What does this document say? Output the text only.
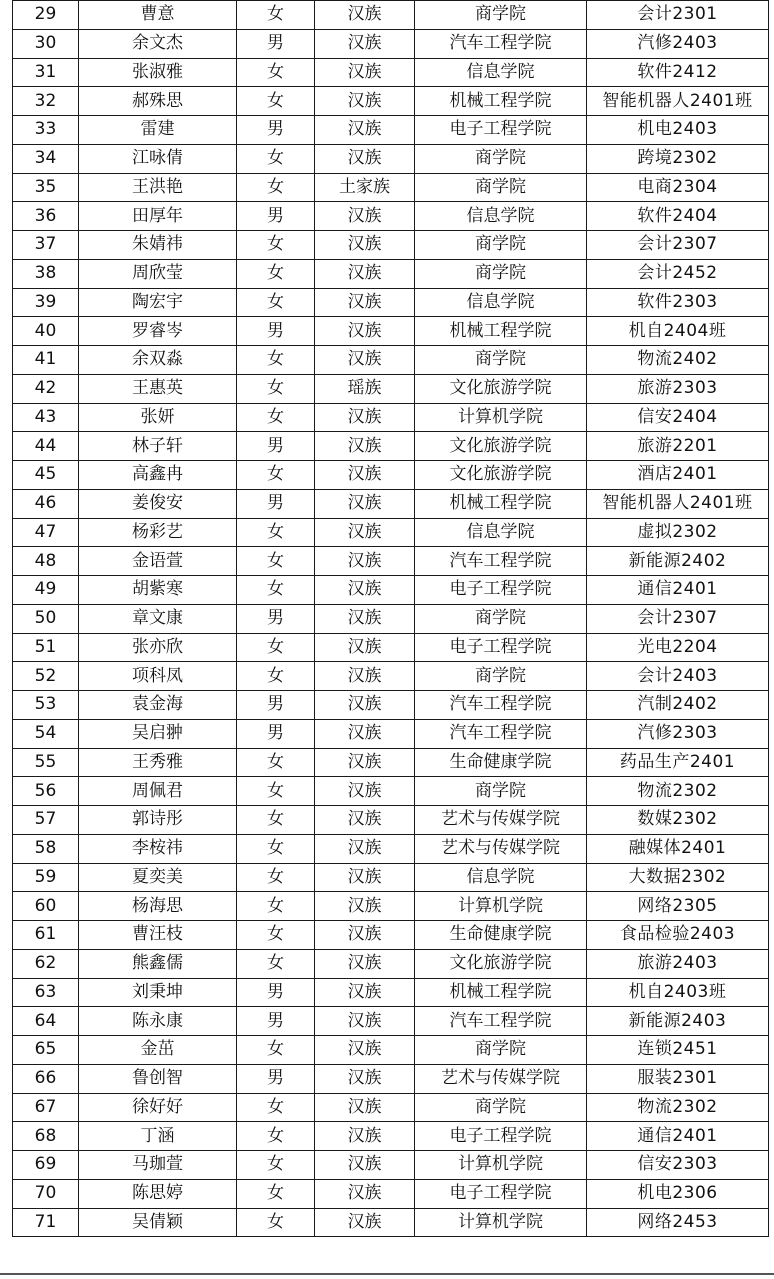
29	曹意	女	汉族	商学院	会计2301
30	余文杰	男	汉族	汽车工程学院	汽修2403
31	张淑雅	女	汉族	信息学院	软件2412
32	郝殊思	女	汉族	机械工程学院	智能机器人2401班
33	雷建	男	汉族	电子工程学院	机电2403
34	江咏倩	女	汉族	商学院	跨境2302
35	王洪艳	女	土家族	商学院	电商2304
36	田厚年	男	汉族	信息学院	软件2404
37	朱婧祎	女	汉族	商学院	会计2307
38	周欣莹	女	汉族	商学院	会计2452
39	陶宏宇	女	汉族	信息学院	软件2303
40	罗睿岑	男	汉族	机械工程学院	机自2404班
41	余双淼	女	汉族	商学院	物流2402
42	王惠英	女	瑶族	文化旅游学院	旅游2303
43	张妍	女	汉族	计算机学院	信安2404
44	林子轩	男	汉族	文化旅游学院	旅游2201
45	高鑫冉	女	汉族	文化旅游学院	酒店2401
46	姜俊安	男	汉族	机械工程学院	智能机器人2401班
47	杨彩艺	女	汉族	信息学院	虚拟2302
48	金语萱	女	汉族	汽车工程学院	新能源2402
49	胡紫寒	女	汉族	电子工程学院	通信2401
50	章文康	男	汉族	商学院	会计2307
51	张亦欣	女	汉族	电子工程学院	光电2204
52	项科凤	女	汉族	商学院	会计2403
53	袁金海	男	汉族	汽车工程学院	汽制2402
54	吴启翀	男	汉族	汽车工程学院	汽修2303
55	王秀雅	女	汉族	生命健康学院	药品生产2401
56	周佩君	女	汉族	商学院	物流2302
57	郭诗彤	女	汉族	艺术与传媒学院	数媒2302
58	李桉祎	女	汉族	艺术与传媒学院	融媒体2401
59	夏奕美	女	汉族	信息学院	大数据2302
60	杨海思	女	汉族	计算机学院	网络2305
61	曹汪枝	女	汉族	生命健康学院	食品检验2403
62	熊鑫儒	女	汉族	文化旅游学院	旅游2403
63	刘秉坤	男	汉族	机械工程学院	机自2403班
64	陈永康	男	汉族	汽车工程学院	新能源2403
65	金茁	女	汉族	商学院	连锁2451
66	鲁创智	男	汉族	艺术与传媒学院	服装2301
67	徐好好	女	汉族	商学院	物流2302
68	丁涵	女	汉族	电子工程学院	通信2401
69	马珈萱	女	汉族	计算机学院	信安2303
70	陈思婷	女	汉族	电子工程学院	机电2306
71	吴倩颖	女	汉族	计算机学院	网络2453
